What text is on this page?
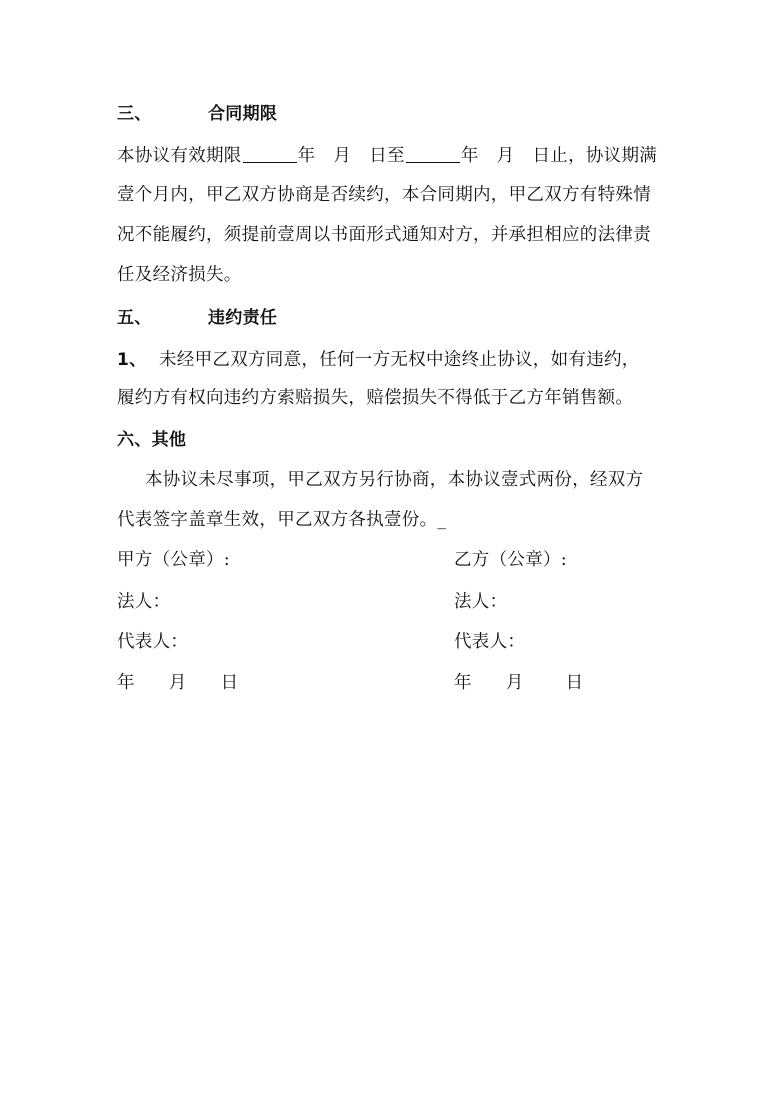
三、	合同期限
本协议有效期限	年 月 日至	年 月 日止，协议期满
壹个月内，甲乙双方协商是否续约，本合同期内，甲乙双方有特殊情
况不能履约，须提前壹周以书面形式通知对方，并承担相应的法律责
任及经济损失。
五、	违约责任
1、 未经甲乙双方同意，任何一方无权中途终止协议，如有违约，
履约方有权向违约方索赔损失，赔偿损失不得低于乙方年销售额。
六、其他
本协议未尽事项，甲乙双方另行协商，本协议壹式两份，经双方
代表签字盖章生效，甲乙双方各执壹份。_
甲方（公章）:	乙方（公章）:
法人：	法人：
代表人：	代表人：
年 月 日	年 月 日
